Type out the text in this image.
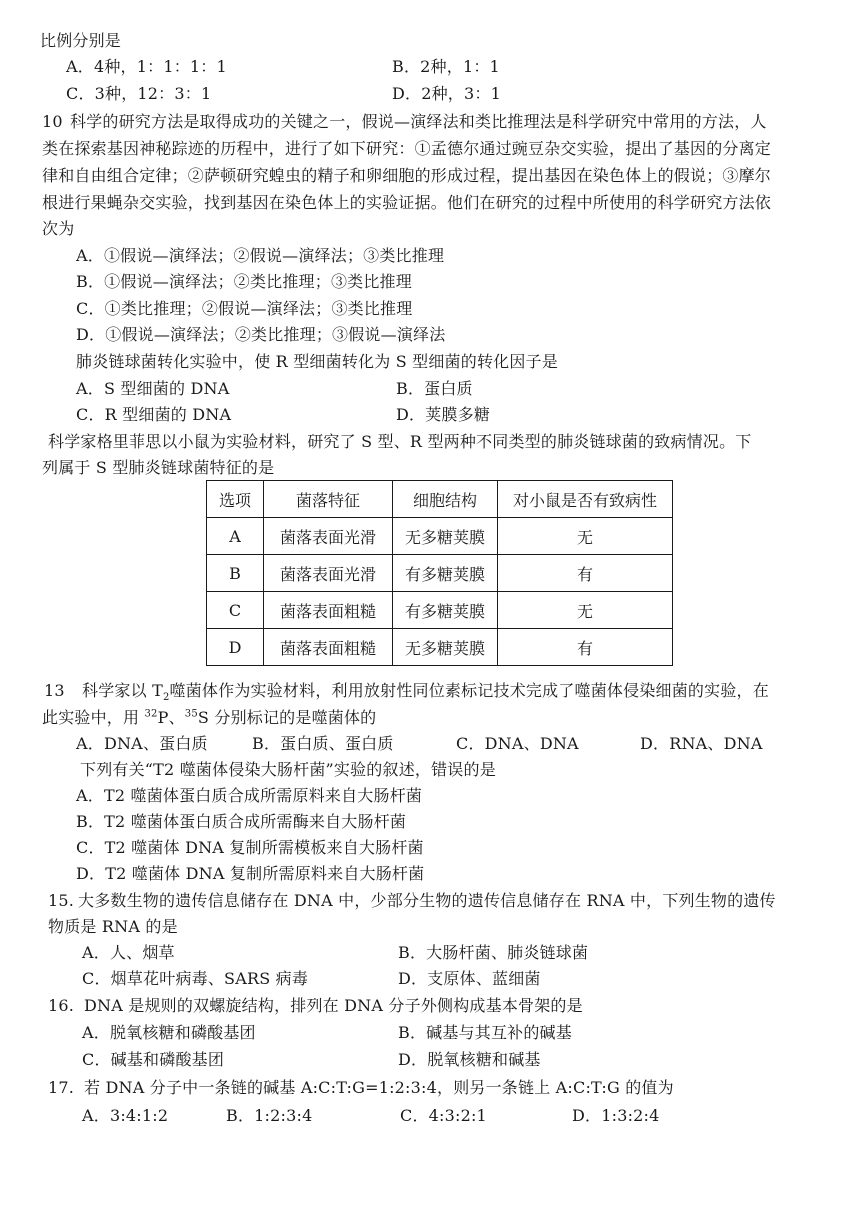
比例分别是
A．4种，1：1：1：1	B．2种，1：1
C．3种，12：3：1	D．2种，3：1
10 科学的研究方法是取得成功的关键之一，假说—演绎法和类比推理法是科学研究中常用的方法，人
类在探索基因神秘踪迹的历程中，进行了如下研究：①孟德尔通过豌豆杂交实验，提出了基因的分离定
律和自由组合定律；②萨顿研究蝗虫的精子和卵细胞的形成过程，提出基因在染色体上的假说；③摩尔
根进行果蝇杂交实验，找到基因在染色体上的实验证据。他们在研究的过程中所使用的科学研究方法依
次为
A．①假说—演绎法；②假说—演绎法；③类比推理
B．①假说—演绎法；②类比推理；③类比推理
C．①类比推理；②假说—演绎法；③类比推理
D．①假说—演绎法；②类比推理；③假说—演绎法
肺炎链球菌转化实验中，使 R 型细菌转化为 S 型细菌的转化因子是
A．S 型细菌的 DNA	B．蛋白质
C．R 型细菌的 DNA	D．荚膜多糖
科学家格里菲思以小鼠为实验材料，研究了 S 型、R 型两种不同类型的肺炎链球菌的致病情况。下
列属于 S 型肺炎链球菌特征的是
选项	菌落特征	细胞结构	对小鼠是否有致病性
A	菌落表面光滑	无多糖荚膜	无
B	菌落表面光滑	有多糖荚膜	有
C	菌落表面粗糙	有多糖荚膜	无
D	菌落表面粗糙	无多糖荚膜	有
13 科学家以 $T_2$噬菌体作为实验材料，利用放射性同位素标记技术完成了噬菌体侵染细菌的实验，在
此实验中，用 $^{32}$P、$^{35}$S 分别标记的是噬菌体的
A．DNA、蛋白质	B．蛋白质、蛋白质	C．DNA、DNA	D．RNA、DNA
下列有关“T2 噬菌体侵染大肠杆菌”实验的叙述，错误的是
A．T2 噬菌体蛋白质合成所需原料来自大肠杆菌
B．T2 噬菌体蛋白质合成所需酶来自大肠杆菌
C．T2 噬菌体 DNA 复制所需模板来自大肠杆菌
D．T2 噬菌体 DNA 复制所需原料来自大肠杆菌
15. 大多数生物的遗传信息储存在 DNA 中，少部分生物的遗传信息储存在 RNA 中，下列生物的遗传
物质是 RNA 的是
A．人、烟草	B．大肠杆菌、肺炎链球菌
C．烟草花叶病毒、SARS 病毒	D．支原体、蓝细菌
16. DNA 是规则的双螺旋结构，排列在 DNA 分子外侧构成基本骨架的是
A．脱氧核糖和磷酸基团	B．碱基与其互补的碱基
C．碱基和磷酸基团	D．脱氧核糖和碱基
17. 若 DNA 分子中一条链的碱基 A:C:T:G=1:2:3:4，则另一条链上 A:C:T:G 的值为
A．3:4:1:2	B．1:2:3:4	C．4:3:2:1	D．1:3:2:4
